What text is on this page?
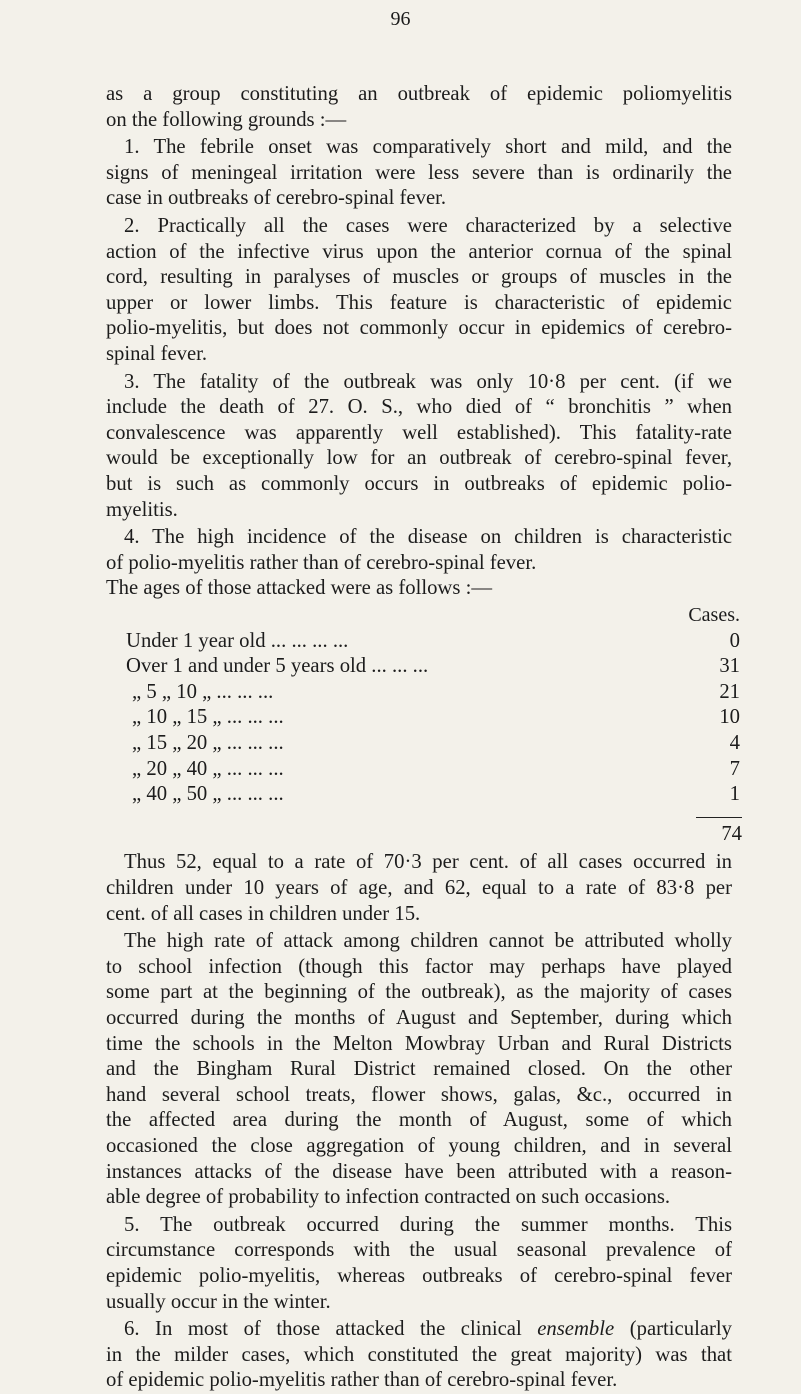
96
as a group constituting an outbreak of epidemic poliomyelitis
on the following grounds :—
1. The febrile onset was comparatively short and mild, and the
signs of meningeal irritation were less severe than is ordinarily the
case in outbreaks of cerebro-spinal fever.
2. Practically all the cases were characterized by a selective
action of the infective virus upon the anterior cornua of the spinal
cord, resulting in paralyses of muscles or groups of muscles in the
upper or lower limbs. This feature is characteristic of epidemic
polio-myelitis, but does not commonly occur in epidemics of cerebro-
spinal fever.
3. The fatality of the outbreak was only 10·8 per cent. (if we
include the death of 27. O. S., who died of “ bronchitis ” when
convalescence was apparently well established). This fatality-rate
would be exceptionally low for an outbreak of cerebro-spinal fever,
but is such as commonly occurs in outbreaks of epidemic polio-
myelitis.
4. The high incidence of the disease on children is characteristic
of polio-myelitis rather than of cerebro-spinal fever.
The ages of those attacked were as follows :—
Cases.
Under 1 year old ... ... ... ...	0
Over 1 and under 5 years old ... ... ...	31
„ 5 „ 10 „ ... ... ...	21
„ 10 „ 15 „ ... ... ...	10
„ 15 „ 20 „ ... ... ...	4
„ 20 „ 40 „ ... ... ...	7
„ 40 „ 50 „ ... ... ...	1
74
Thus 52, equal to a rate of 70·3 per cent. of all cases occurred in
children under 10 years of age, and 62, equal to a rate of 83·8 per
cent. of all cases in children under 15.
The high rate of attack among children cannot be attributed wholly
to school infection (though this factor may perhaps have played
some part at the beginning of the outbreak), as the majority of cases
occurred during the months of August and September, during which
time the schools in the Melton Mowbray Urban and Rural Districts
and the Bingham Rural District remained closed. On the other
hand several school treats, flower shows, galas, &c., occurred in
the affected area during the month of August, some of which
occasioned the close aggregation of young children, and in several
instances attacks of the disease have been attributed with a reason-
able degree of probability to infection contracted on such occasions.
5. The outbreak occurred during the summer months. This
circumstance corresponds with the usual seasonal prevalence of
epidemic polio-myelitis, whereas outbreaks of cerebro-spinal fever
usually occur in the winter.
6. In most of those attacked the clinical ensemble (particularly
in the milder cases, which constituted the great majority) was that
of epidemic polio-myelitis rather than of cerebro-spinal fever.
